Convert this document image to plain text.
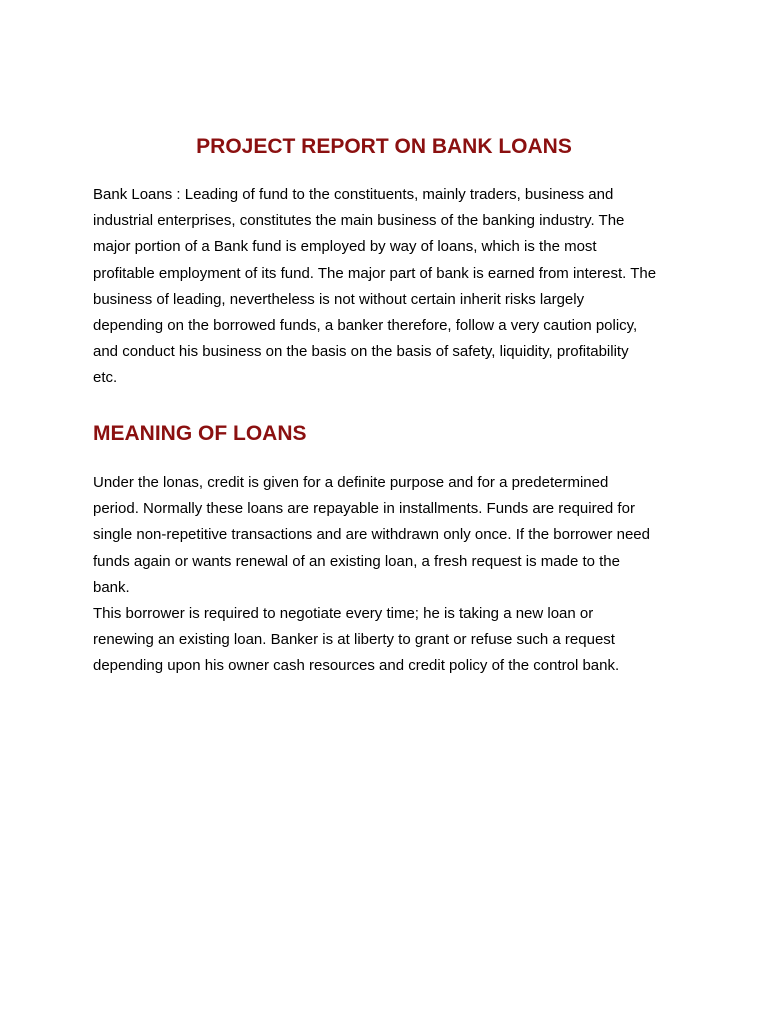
PROJECT REPORT ON BANK LOANS

Bank Loans : Leading of fund to the constituents, mainly traders, business and
industrial enterprises, constitutes the main business of the banking industry. The
major portion of a Bank fund is employed by way of loans, which is the most
profitable employment of its fund. The major part of bank is earned from interest. The
business of leading, nevertheless is not without certain inherit risks largely
depending on the borrowed funds, a banker therefore, follow a very caution policy,
and conduct his business on the basis on the basis of safety, liquidity, profitability
etc.

MEANING OF LOANS

Under the lonas, credit is given for a definite purpose and for a predetermined
period. Normally these loans are repayable in installments. Funds are required for
single non-repetitive transactions and are withdrawn only once. If the borrower need
funds again or wants renewal of an existing loan, a fresh request is made to the
bank.
This borrower is required to negotiate every time; he is taking a new loan or
renewing an existing loan. Banker is at liberty to grant or refuse such a request
depending upon his owner cash resources and credit policy of the control bank.
